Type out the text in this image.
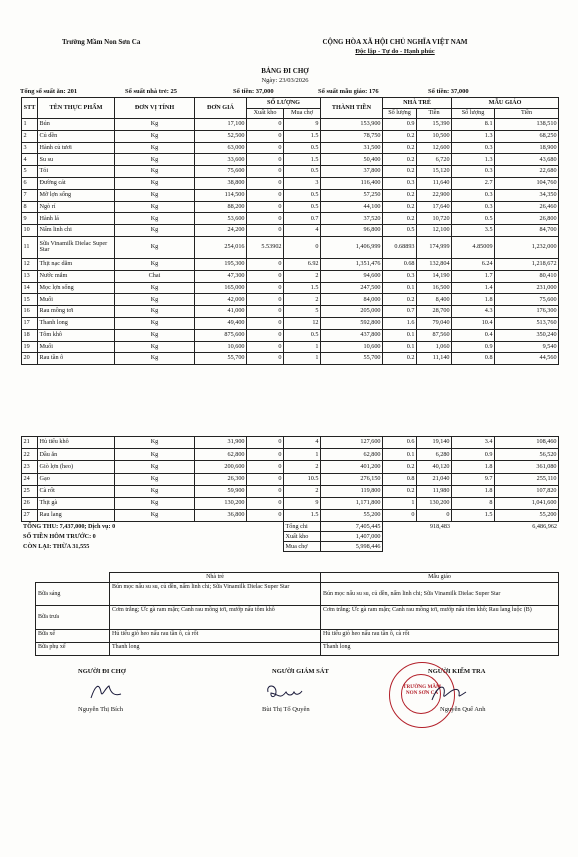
Trường Mầm Non Sơn Ca	CỘNG HÒA XÃ HỘI CHỦ NGHĨA VIỆT NAM
Độc lập - Tự do - Hạnh phúc
BẢNG ĐI CHỢ
Ngày: 23/03/2026
Tổng số suất ăn: 201	Số suất nhà trẻ: 25	Số tiền: 37,000	Số suất mẫu giáo: 176	Số tiền: 37,000
STT	TÊN THỰC PHẨM	ĐƠN VỊ TÍNH	ĐƠN GIÁ	SỐ LƯỢNG		THÀNH TIỀN	NHÀ TRẺ		MẪU GIÁO	
				Xuất kho	Mua chợ		Số lượng	Tiền	Số lượng	Tiền
1	Bún	Kg	17,100	0	9	153,900	0.9	15,390	8.1	138,510
2	Củ dền	Kg	52,500	0	1.5	78,750	0.2	10,500	1.3	68,250
3	Hành củ tươi	Kg	63,000	0	0.5	31,500	0.2	12,600	0.3	18,900
4	Su su	Kg	33,600	0	1.5	50,400	0.2	6,720	1.3	43,680
5	Tỏi	Kg	75,600	0	0.5	37,800	0.2	15,120	0.3	22,680
6	Đường cát	Kg	38,800	0	3	116,400	0.3	11,640	2.7	104,760
7	Mỡ lợn sống	Kg	114,500	0	0.5	57,250	0.2	22,900	0.3	34,350
8	Ngò rí	Kg	88,200	0	0.5	44,100	0.2	17,640	0.3	26,460
9	Hành lá	Kg	53,600	0	0.7	37,520	0.2	10,720	0.5	26,800
10	Nấm linh chi	Kg	24,200	0	4	96,800	0.5	12,100	3.5	84,700
11	Sữa Vinamilk Dielac Super Star	Kg	254,016	5.53902	0	1,406,999	0.68893	174,999	4.85009	1,232,000
12	Thịt nạc dăm	Kg	195,300	0	6.92	1,351,476	0.68	132,804	6.24	1,218,672
13	Nước mắm	Chai	47,300	0	2	94,600	0.3	14,190	1.7	80,410
14	Mọc lợn sống	Kg	165,000	0	1.5	247,500	0.1	16,500	1.4	231,000
15	Muối	Kg	42,000	0	2	84,000	0.2	8,400	1.8	75,600
16	Rau mồng tơi	Kg	41,000	0	5	205,000	0.7	28,700	4.3	176,300
17	Thanh long	Kg	49,400	0	12	592,800	1.6	79,040	10.4	513,760
18	Tôm khô	Kg	875,600	0	0.5	437,800	0.1	87,560	0.4	350,240
19	Muối	Kg	10,600	0	1	10,600	0.1	1,060	0.9	9,540
20	Rau tần ô	Kg	55,700	0	1	55,700	0.2	11,140	0.8	44,560
21	Hủ tiếu khô	Kg	31,900	0	4	127,600	0.6	19,140	3.4	108,460
22	Dầu ăn	Kg	62,800	0	1	62,800	0.1	6,280	0.9	56,520
23	Giò lợn (heo)	Kg	200,600	0	2	401,200	0.2	40,120	1.8	361,080
24	Gạo	Kg	26,300	0	10.5	276,150	0.8	21,040	9.7	255,110
25	Cà rốt	Kg	59,900	0	2	119,800	0.2	11,980	1.8	107,820
26	Thịt gà	Kg	130,200	0	9	1,171,800	1	130,200	8	1,041,600
27	Rau lang	Kg	36,800	0	1.5	55,200	0	0	1.5	55,200
TỔNG THU: 7,437,000; Dịch vụ: 0					Tổng chi	7,405,445		918,483		6,486,962
SỐ TIỀN HÔM TRƯỚC: 0					Xuất kho	1,407,000				
CÒN LẠI: THỪA 31,555					Mua chợ	5,998,446				
	Nhà trẻ	Mẫu giáo
Bữa sáng	Bún mọc nấu su su, củ dền, nấm linh chi; Sữa Vinamilk Dielac Super Star	Bún mọc nấu su su, củ dền, nấm linh chi; Sữa Vinamilk Dielac Super Star
Bữa trưa	Cơm trắng; Ức gà ram mặn; Canh rau mồng tơi, mướp nấu tôm khô	Cơm trắng; Ức gà ram mặn; Canh rau mồng tơi, mướp nấu tôm khô; Rau lang luộc (B)
Bữa xế	Hủ tiếu giò heo nấu rau tần ô, cà rốt	Hủ tiếu giò heo nấu rau tần ô, cà rốt
Bữa phụ xế	Thanh long	Thanh long
NGƯỜI ĐI CHỢ	NGƯỜI GIÁM SÁT	NGƯỜI KIỂM TRA
Nguyễn Thị Bích	Bùi Thị Tố Quyên
TRƯỜNG MẦM NON SƠN CA
Nguyễn Quế Anh
